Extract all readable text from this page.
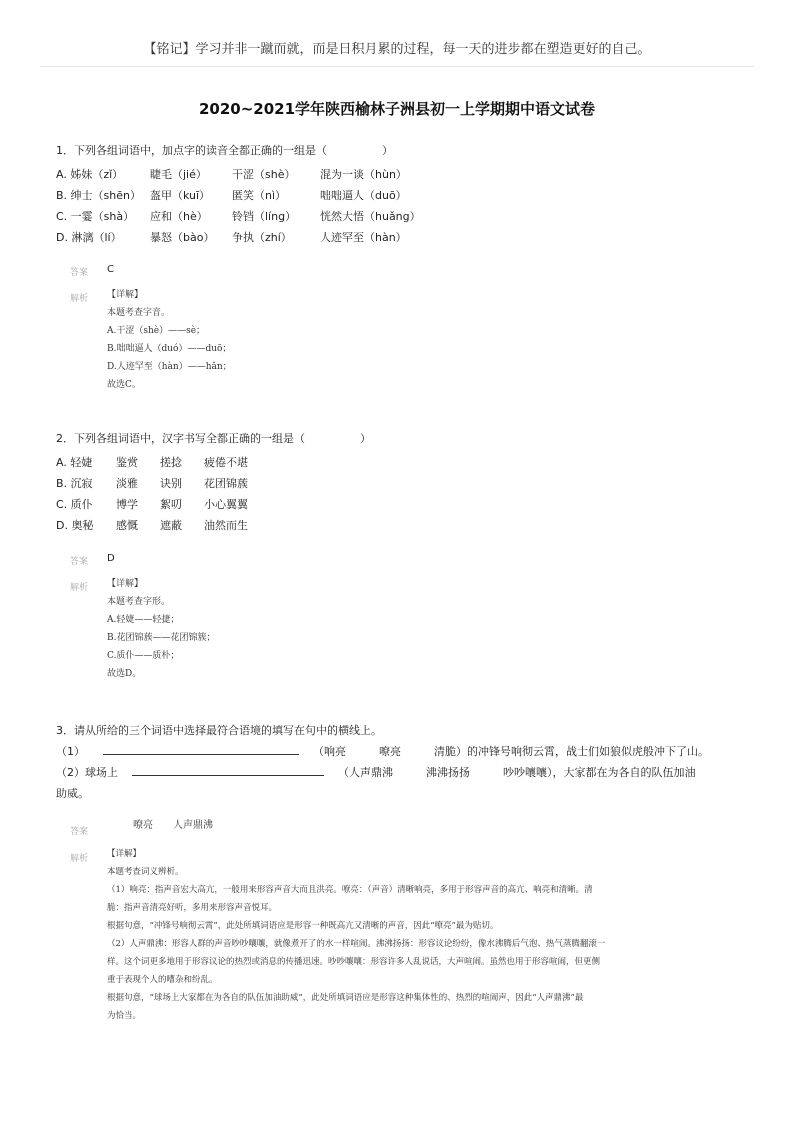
【铭记】学习并非一蹴而就，而是日积月累的过程，每一天的进步都在塑造更好的自己。
2020~2021学年陕西榆林子洲县初一上学期期中语文试卷
1．下列各组词语中，加点字的读音全都正确的一组是（　　　　　）
A. 姊妹（zǐ） 睫毛（jié） 干涩（shè） 混为一谈（hùn）
B. 绅士（shēn） 盔甲（kuī） 匿笑（nì）	咄咄逼人（duō）
C. 一霎（shà） 应和（hè） 铃铛（líng） 恍然大悟（huǎng）
D. 淋漓（lí）	暴怒（bào） 争执（zhí）	人迹罕至（hàn）
答案 C
解析 【详解】
本题考查字音。
A.干涩（shè）——sè；
B.咄咄逼人（duó）——duō；
D.人迹罕至（hàn）——hǎn；
故选C。
2．下列各组词语中，汉字书写全都正确的一组是（　　　　　）
A. 轻婕 鉴赏 搓捻 疲倦不堪
B. 沉寂 淡雅 诀别 花团锦蔟
C. 质仆 博学 絮叨 小心翼翼
D. 奥秘 感慨 遮蔽 油然而生
答案 D
解析 【详解】
本题考查字形。
A.轻婕——轻捷；
B.花团锦蔟——花团锦簇；
C.质仆——质朴；
故选D。
3．请从所给的三个词语中选择最符合语境的填写在句中的横线上。
（1）	（响亮　　　嘹亮　　　清脆）的冲锋号响彻云霄，战士们如狼似虎般冲下了山。
（2）球场上	（人声鼎沸　　　沸沸扬扬　　　吵吵嚷嚷），大家都在为各自的队伍加油
助威。
答案
嘹亮　　人声鼎沸
解析 【详解】
本题考查词义辨析。
（1）响亮：指声音宏大高亢，一般用来形容声音大而且洪亮。嘹亮：（声音）清晰响亮，多用于形容声音的高亢、响亮和清晰。清
脆：指声音清亮好听，多用来形容声音悦耳。
根据句意，“冲锋号响彻云霄”，此处所填词语应是形容一种既高亢又清晰的声音，因此“嘹亮”最为贴切。
（2）人声鼎沸：形容人群的声音吵吵嚷嚷，就像煮开了的水一样喧闹。沸沸扬扬：形容议论纷纷，像水沸腾后气泡、热气蒸腾翻滚一
样。这个词更多地用于形容议论的热烈或消息的传播迅速。吵吵嚷嚷：形容许多人乱说话，大声喧闹。虽然也用于形容喧闹，但更侧
重于表现个人的嘈杂和纷乱。
根据句意，“球场上大家都在为各自的队伍加油助威”，此处所填词语应是形容这种集体性的、热烈的喧闹声，因此“人声鼎沸”最
为恰当。
